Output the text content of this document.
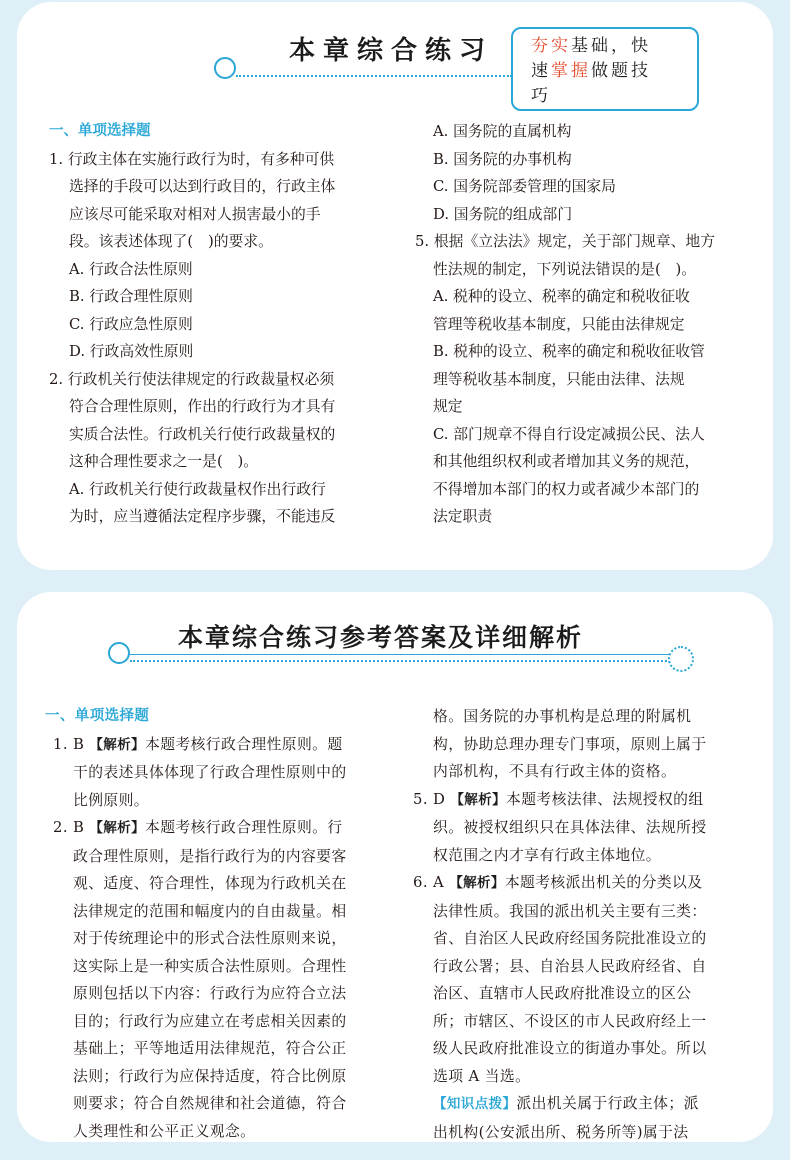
本章综合练习	夯实基础，快
速掌握做题技
巧

一、单项选择题

1. 行政主体在实施行政行为时，有多种可供

选择的手段可以达到行政目的，行政主体

应该尽可能采取对相对人损害最小的手

段。该表述体现了(　)的要求。

A. 行政合法性原则

B. 行政合理性原则

C. 行政应急性原则

D. 行政高效性原则

2. 行政机关行使法律规定的行政裁量权必须

符合合理性原则，作出的行政行为才具有

实质合法性。行政机关行使行政裁量权的

这种合理性要求之一是(　)。

A. 行政机关行使行政裁量权作出行政行

为时，应当遵循法定程序步骤，不能违反

A. 国务院的直属机构

B. 国务院的办事机构

C. 国务院部委管理的国家局

D. 国务院的组成部门

5. 根据《立法法》规定，关于部门规章、地方

性法规的制定，下列说法错误的是(　)。

A. 税种的设立、税率的确定和税收征收

管理等税收基本制度，只能由法律规定

B. 税种的设立、税率的确定和税收征收管

理等税收基本制度，只能由法律、法规

规定

C. 部门规章不得自行设定减损公民、法人

和其他组织权利或者增加其义务的规范，

不得增加本部门的权力或者减少本部门的

法定职责

本章综合练习参考答案及详细解析

一、单项选择题

1. B 【解析】本题考核行政合理性原则。题

干的表述具体体现了行政合理性原则中的

比例原则。

2. B 【解析】本题考核行政合理性原则。行

政合理性原则，是指行政行为的内容要客

观、适度、符合理性，体现为行政机关在

法律规定的范围和幅度内的自由裁量。相

对于传统理论中的形式合法性原则来说，

这实际上是一种实质合法性原则。合理性

原则包括以下内容：行政行为应符合立法

目的；行政行为应建立在考虑相关因素的

基础上；平等地适用法律规范，符合公正

法则；行政行为应保持适度，符合比例原

则要求；符合自然规律和社会道德，符合

人类理性和公平正义观念。

格。国务院的办事机构是总理的附属机

构，协助总理办理专门事项，原则上属于

内部机构，不具有行政主体的资格。

5. D 【解析】本题考核法律、法规授权的组

织。被授权组织只在具体法律、法规所授

权范围之内才享有行政主体地位。

6. A 【解析】本题考核派出机关的分类以及

法律性质。我国的派出机关主要有三类：

省、自治区人民政府经国务院批准设立的

行政公署；县、自治县人民政府经省、自

治区、直辖市人民政府批准设立的区公

所；市辖区、不设区的市人民政府经上一

级人民政府批准设立的街道办事处。所以

选项 A 当选。

【知识点拨】派出机关属于行政主体；派

出机构(公安派出所、税务所等)属于法
